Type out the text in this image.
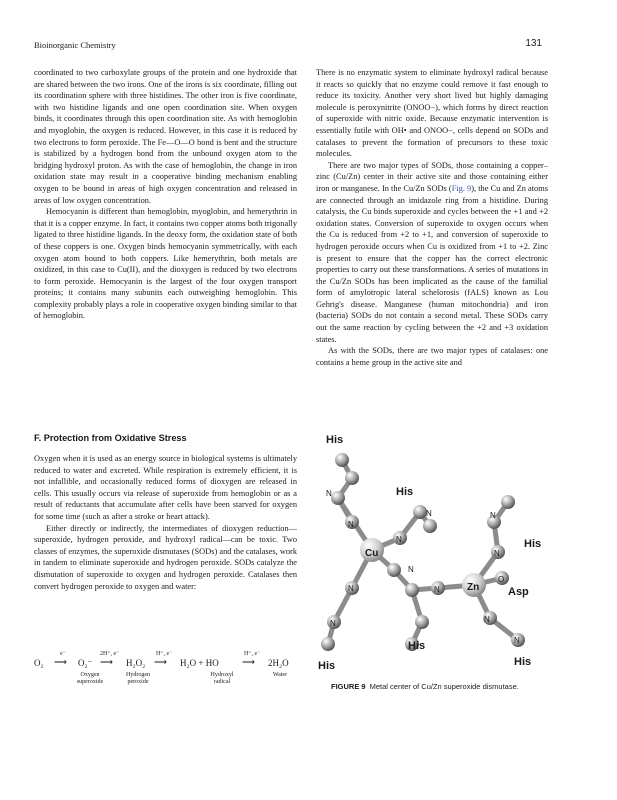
Bioinorganic Chemistry	131

coordinated to two carboxylate groups of the protein and one hydroxide that are shared between the two irons. One of the irons is six coordinate, filling out its coordination sphere with three histidines. The other iron is five coordinate, with two histidine ligands and one open coordination site. When oxygen binds, it coordinates through this open coordination site. As with hemoglobin and myoglobin, the oxygen is reduced. However, in this case it is reduced by two electrons to form peroxide. The Fe—O—O bond is bent and the structure is stabilized by a hydrogen bond from the unbound oxygen atom to the bridging hydroxyl proton. As with the case of hemoglobin, the change in iron oxidation state may result in a cooperative binding mechanism enabling oxygen to be bound in areas of high oxygen concentration and released in areas of low oxygen concentration.

Hemocyanin is different than hemoglobin, myoglobin, and hemerythrin in that it is a copper enzyme. In fact, it contains two copper atoms both trigonally ligated to three histidine ligands. In the deoxy form, the oxidation state of both of these coppers is one. Oxygen binds hemocyanin symmetrically, with each oxygen atom bound to both coppers. Like hemerythrin, both metals are oxidized, in this case to Cu(II), and the dioxygen is reduced by two electrons to form peroxide. Hemocyanin is the largest of the four oxygen transport proteins; it contains many subunits each outweighing hemoglobin. This complexity probably plays a role in cooperative oxygen binding similar to that of hemoglobin.

There is no enzymatic system to eliminate hydroxyl radical because it reacts so quickly that no enzyme could remove it fast enough to reduce its toxicity. Another very short lived but highly damaging molecule is peroxynitrite (ONOO−), which forms by direct reaction of superoxide with nitric oxide. Because enzymatic intervention is essentially futile with OH• and ONOO−, cells depend on SODs and catalases to prevent the formation of precursors to these toxic molecules.

There are two major types of SODs, those containing a copper–zinc (Cu/Zn) center in their active site and those containing either iron or manganese. In the Cu/Zn SODs (Fig. 9), the Cu and Zn atoms are connected through an imidazole ring from a histidine. During catalysis, the Cu binds superoxide and cycles between the +1 and +2 oxidation states. Conversion of superoxide to oxygen occurs when the Cu is reduced from +2 to +1, and conversion of superoxide to hydrogen peroxide occurs when Cu is oxidized from +1 to +2. Zinc is present to ensure that the copper has the correct electronic properties to carry out these transformations. A series of mutations in the Cu/Zn SODs has been implicated as the cause of the familial form of amylotropic lateral schelorosis (fALS) known as Lou Gehrig's disease. Manganese (human mitochondria) and iron (bacteria) SODs do not contain a second metal. These SODs carry out the same reaction by cycling between the +2 and +3 oxidation states.

As with the SODs, there are two major types of catalases: one contains a heme group in the active site and

F. Protection from Oxidative Stress

Oxygen when it is used as an energy source in biological systems is ultimately reduced to water and excreted. While respiration is extremely efficient, it is not infallible, and occasionally reduced forms of dioxygen are released in cells. This usually occurs via release of superoxide from hemoglobin or as a result of reductants that accumulate after cells have been starved for oxygen for some time (such as after a stroke or heart attack).

Either directly or indirectly, the intermediates of dioxygen reduction—superoxide, hydrogen peroxide, and hydroxyl radical—can be toxic. Two classes of enzymes, the superoxide dismutases (SODs) and the catalases, work in tandem to eliminate superoxide and hydrogen peroxide. SODs catalyze the dismutation of superoxide to oxygen and hydrogen peroxide. Catalases then convert hydrogen peroxide to oxygen and water:

O₂
e⁻
⟶ O₂⁻
2H⁺, e⁻
⟶ H₂O₂
H⁺, e⁻
⟶ H₂O + HO
H⁺, e⁻
⟶ 2H₂O
Oxygen
superoxide
Hydrogen
peroxide
Hydroxyl
radical
Water
N
N
N
N
N
N
N
N
N
N
N
N
O
Cu
Zn
His
His
His
Asp
His
His	His
FIGURE 9 Metal center of Cu/Zn superoxide dismutase.
